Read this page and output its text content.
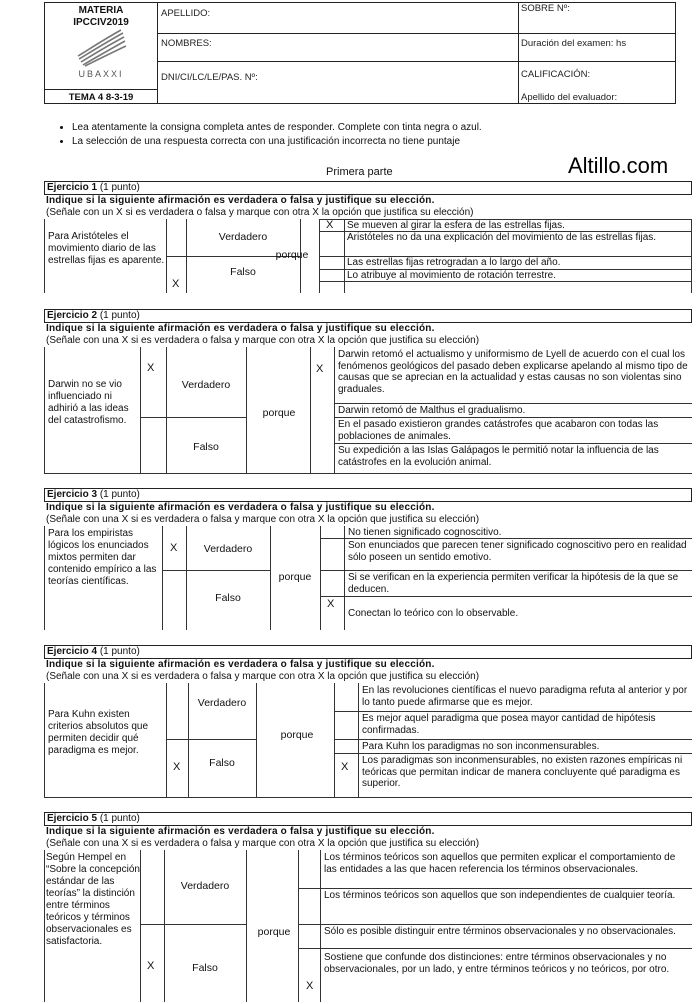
MATERIA
IPCCIV2019
UBAXXI
TEMA 4 8-3-19
APELLIDO:
NOMBRES:
DNI/CI/LC/LE/PAS. Nº:
SOBRE Nº:
Duración del examen: hs
CALIFICACIÓN:
Apellido del evaluador:
• Lea atentamente la consigna completa antes de responder. Complete con tinta negra o azul.
• La selección de una respuesta correcta con una justificación incorrecta no tiene puntaje
Primera parte	Altillo.com
Ejercicio 1 (1 punto)
Indique si la siguiente afirmación es verdadera o falsa y justifique su elección.
(Señale con un X si es verdadera o falsa y marque con otra X la opción que justifica su elección)
Para Aristóteles el movimiento diario de las estrellas fijas es aparente.
Verdadero
Falso
X
porque
X Se mueven al girar la esfera de las estrellas fijas.
Aristóteles no da una explicación del movimiento de las estrellas fijas.
Las estrellas fijas retrogradan a lo largo del año.
Lo atribuye al movimiento de rotación terrestre.
Ejercicio 2 (1 punto)
Indique si la siguiente afirmación es verdadera o falsa y justifique su elección.
(Señale con una X si es verdadera o falsa y marque con otra X la opción que justifica su elección)
Darwin no se vio influenciado ni adhirió a las ideas del catastrofismo.
X
Verdadero
Falso
porque
X
Darwin retomó el actualismo y uniformismo de Lyell de acuerdo con el cual los fenómenos geológicos del pasado deben explicarse apelando al mismo tipo de causas que se aprecian en la actualidad y estas causas no son violentas sino graduales.
Darwin retomó de Malthus el gradualismo.
En el pasado existieron grandes catástrofes que acabaron con todas las poblaciones de animales.
Su expedición a las Islas Galápagos le permitió notar la influencia de las catástrofes en la evolución animal.
Ejercicio 3 (1 punto)
Indique si la siguiente afirmación es verdadera o falsa y justifique su elección.
(Señale con una X si es verdadera o falsa y marque con otra X la opción que justifica su elección)
Para los empiristas lógicos los enunciados mixtos permiten dar contenido empírico a las teorías científicas.
X	Verdadero
Falso
porque
X
No tienen significado cognoscitivo.
Son enunciados que parecen tener significado cognoscitivo pero en realidad sólo poseen un sentido emotivo.
Si se verifican en la experiencia permiten verificar la hipótesis de la que se deducen.
Conectan lo teórico con lo observable.
Ejercicio 4 (1 punto)
Indique si la siguiente afirmación es verdadera o falsa y justifique su elección.
(Señale con una X si es verdadera o falsa y marque con otra X la opción que justifica su elección)
Para Kuhn existen criterios absolutos que permiten decidir qué paradigma es mejor.
Verdadero
Falso
X
porque
X
En las revoluciones científicas el nuevo paradigma refuta al anterior y por lo tanto puede afirmarse que es mejor.
Es mejor aquel paradigma que posea mayor cantidad de hipótesis confirmadas.
Para Kuhn los paradigmas no son inconmensurables.
Los paradigmas son inconmensurables, no existen razones empíricas ni teóricas que permitan indicar de manera concluyente qué paradigma es superior.
Ejercicio 5 (1 punto)
Indique si la siguiente afirmación es verdadera o falsa y justifique su elección.
(Señale con una X si es verdadera o falsa y marque con otra X la opción que justifica su elección)
Según Hempel en “Sobre la concepción estándar de las teorías” la distinción entre términos teóricos y términos observacionales es satisfactoria.
X
Verdadero
Falso
porque
X
Los términos teóricos son aquellos que permiten explicar el comportamiento de las entidades a las que hacen referencia los términos observacionales.
Los términos teóricos son aquellos que son independientes de cualquier teoría.
Sólo es posible distinguir entre términos observacionales y no observacionales.
Sostiene que confunde dos distinciones: entre términos observacionales y no observacionales, por un lado, y entre términos teóricos y no teóricos, por otro.
